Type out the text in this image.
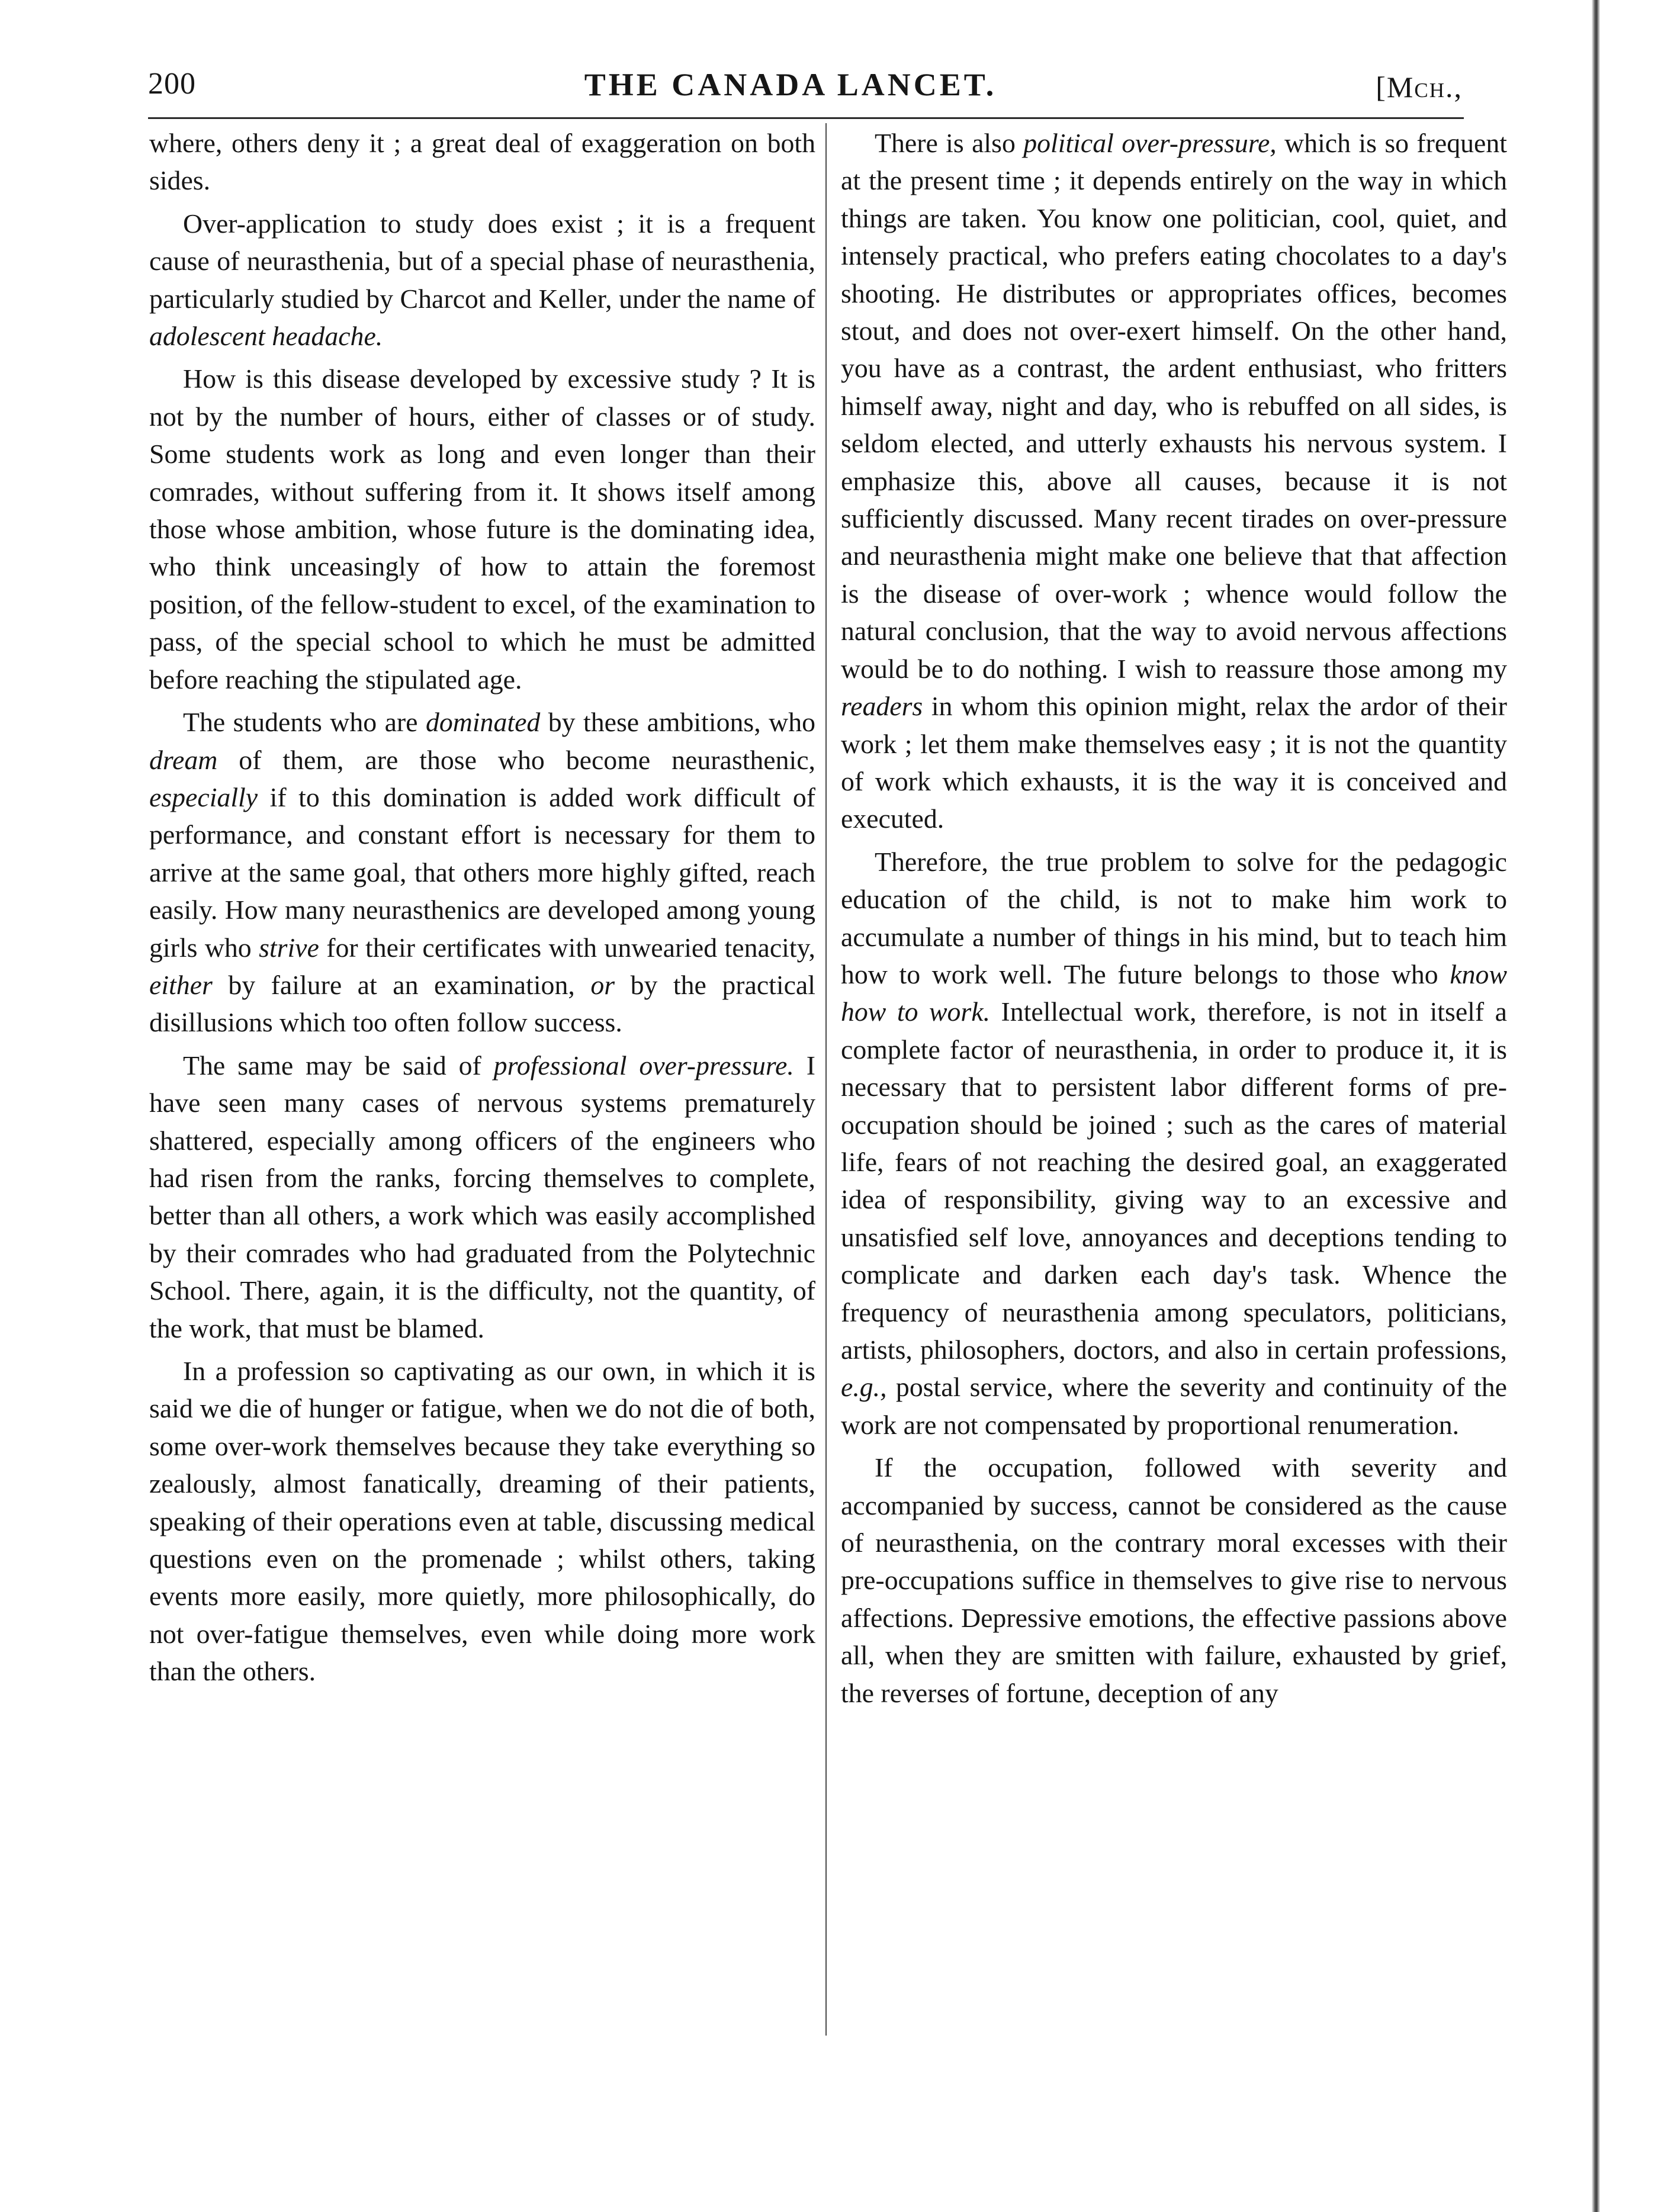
200	THE CANADA LANCET.	[Mch.,

where, others deny it ; a great deal of exaggeration on both sides.

Over-application to study does exist ; it is a frequent cause of neurasthenia, but of a special phase of neurasthenia, particularly studied by Charcot and Keller, under the name of adolescent headache.

How is this disease developed by excessive study ? It is not by the number of hours, either of classes or of study. Some students work as long and even longer than their comrades, without suffering from it. It shows itself among those whose ambition, whose future is the dominating idea, who think unceasingly of how to attain the foremost position, of the fellow-student to excel, of the examination to pass, of the special school to which he must be admitted before reaching the stipulated age.

The students who are dominated by these ambitions, who dream of them, are those who become neurasthenic, especially if to this domination is added work difficult of performance, and constant effort is necessary for them to arrive at the same goal, that others more highly gifted, reach easily. How many neurasthenics are developed among young girls who strive for their certificates with unwearied tenacity, either by failure at an examination, or by the practical disillusions which too often follow success.

The same may be said of professional over-pressure. I have seen many cases of nervous systems prematurely shattered, especially among officers of the engineers who had risen from the ranks, forcing themselves to complete, better than all others, a work which was easily accomplished by their comrades who had graduated from the Polytechnic School. There, again, it is the difficulty, not the quantity, of the work, that must be blamed.

In a profession so captivating as our own, in which it is said we die of hunger or fatigue, when we do not die of both, some over-work themselves because they take everything so zealously, almost fanatically, dreaming of their patients, speaking of their operations even at table, discussing medical questions even on the promenade ; whilst others, taking events more easily, more quietly, more philosophically, do not over-fatigue themselves, even while doing more work than the others.

There is also political over-pressure, which is so frequent at the present time ; it depends entirely on the way in which things are taken. You know one politician, cool, quiet, and intensely practical, who prefers eating chocolates to a day's shooting. He distributes or appropriates offices, becomes stout, and does not over-exert himself. On the other hand, you have as a contrast, the ardent enthusiast, who fritters himself away, night and day, who is rebuffed on all sides, is seldom elected, and utterly exhausts his nervous system. I emphasize this, above all causes, because it is not sufficiently discussed. Many recent tirades on over-pressure and neurasthenia might make one believe that that affection is the disease of over-work ; whence would follow the natural conclusion, that the way to avoid nervous affections would be to do nothing. I wish to reassure those among my readers in whom this opinion might, relax the ardor of their work ; let them make themselves easy ; it is not the quantity of work which exhausts, it is the way it is conceived and executed.

Therefore, the true problem to solve for the pedagogic education of the child, is not to make him work to accumulate a number of things in his mind, but to teach him how to work well. The future belongs to those who know how to work. Intellectual work, therefore, is not in itself a complete factor of neurasthenia, in order to produce it, it is necessary that to persistent labor different forms of pre-occupation should be joined ; such as the cares of material life, fears of not reaching the desired goal, an exaggerated idea of responsibility, giving way to an excessive and unsatisfied self love, annoyances and deceptions tending to complicate and darken each day's task. Whence the frequency of neurasthenia among speculators, politicians, artists, philosophers, doctors, and also in certain professions, e.g., postal service, where the severity and continuity of the work are not compensated by proportional renumeration.

If the occupation, followed with severity and accompanied by success, cannot be considered as the cause of neurasthenia, on the contrary moral excesses with their pre-occupations suffice in themselves to give rise to nervous affections. Depressive emotions, the effective passions above all, when they are smitten with failure, exhausted by grief, the reverses of fortune, deception of any
